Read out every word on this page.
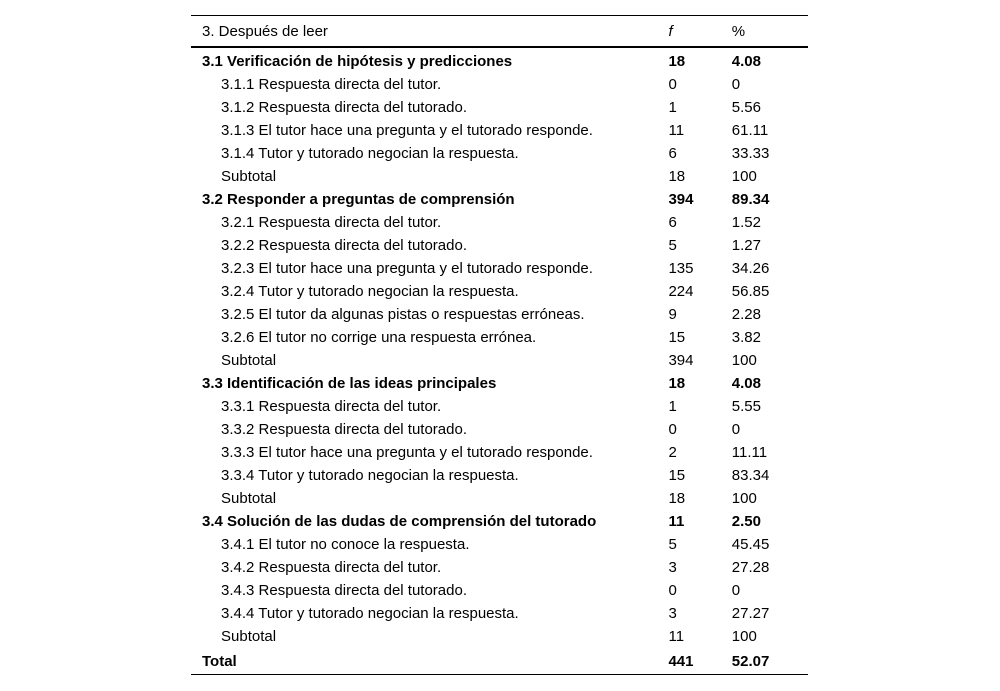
3. Después de leer	f	%
3.1 Verificación de hipótesis y predicciones	18	4.08
3.1.1 Respuesta directa del tutor.	0	0
3.1.2 Respuesta directa del tutorado.	1	5.56
3.1.3 El tutor hace una pregunta y el tutorado responde.	11	61.11
3.1.4 Tutor y tutorado negocian la respuesta.	6	33.33
Subtotal	18	100
3.2 Responder a preguntas de comprensión	394	89.34
3.2.1 Respuesta directa del tutor.	6	1.52
3.2.2 Respuesta directa del tutorado.	5	1.27
3.2.3 El tutor hace una pregunta y el tutorado responde.	135	34.26
3.2.4 Tutor y tutorado negocian la respuesta.	224	56.85
3.2.5 El tutor da algunas pistas o respuestas erróneas.	9	2.28
3.2.6 El tutor no corrige una respuesta errónea.	15	3.82
Subtotal	394	100
3.3 Identificación de las ideas principales	18	4.08
3.3.1 Respuesta directa del tutor.	1	5.55
3.3.2 Respuesta directa del tutorado.	0	0
3.3.3 El tutor hace una pregunta y el tutorado responde.	2	11.11
3.3.4 Tutor y tutorado negocian la respuesta.	15	83.34
Subtotal	18	100
3.4 Solución de las dudas de comprensión del tutorado	11	2.50
3.4.1 El tutor no conoce la respuesta.	5	45.45
3.4.2 Respuesta directa del tutor.	3	27.28
3.4.3 Respuesta directa del tutorado.	0	0
3.4.4 Tutor y tutorado negocian la respuesta.	3	27.27
Subtotal	11	100
Total	441	52.07
